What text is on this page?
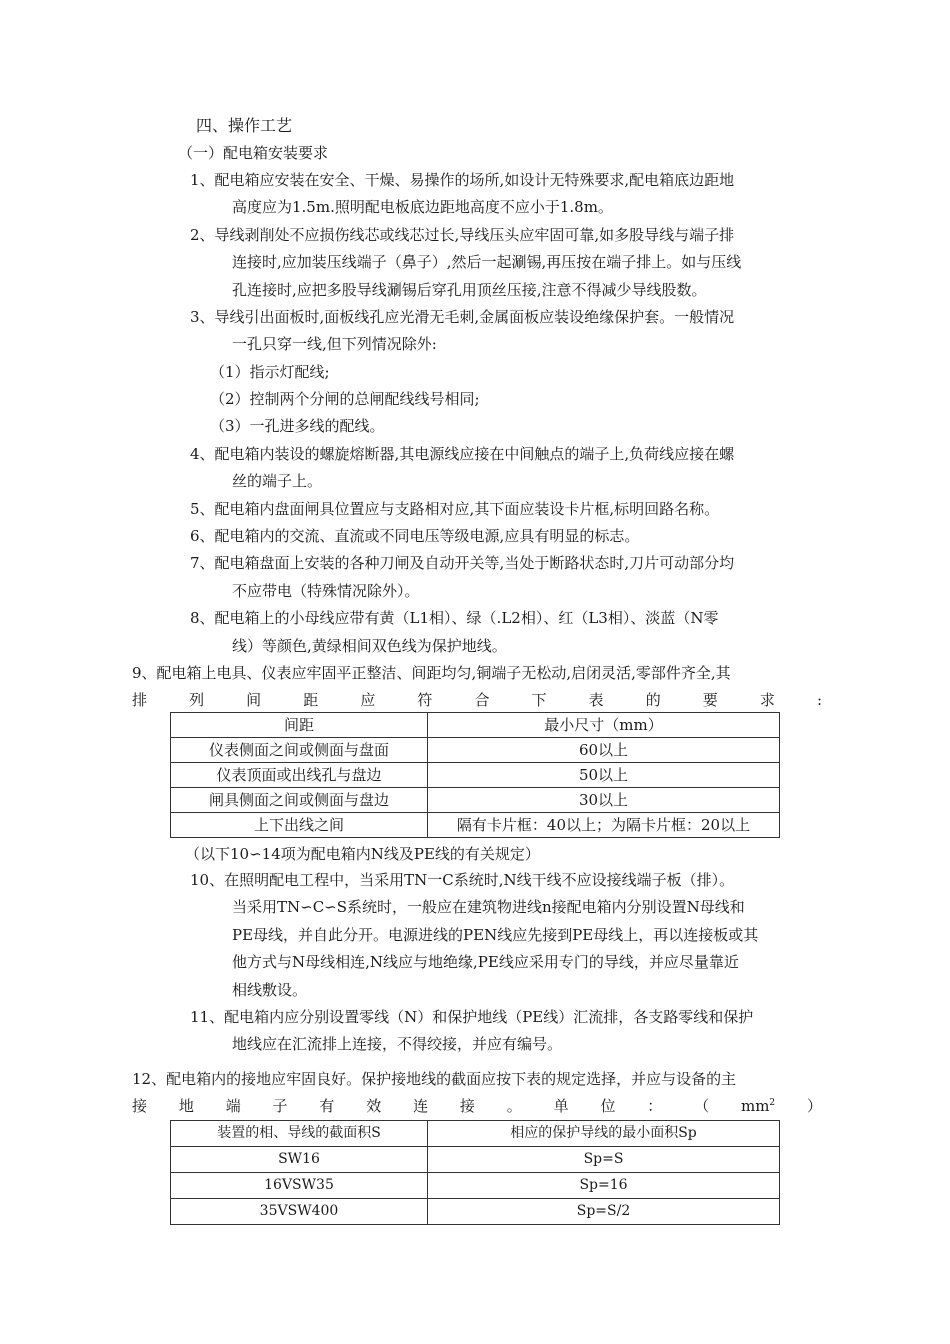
四、操作工艺
（一）配电箱安装要求
1、配电箱应安装在安全、干燥、易操作的场所,如设计无特殊要求,配电箱底边距地
高度应为1.5m.照明配电板底边距地高度不应小于1.8m。
2、导线剥削处不应损伤线芯或线芯过长,导线压头应牢固可靠,如多股导线与端子排
连接时,应加装压线端子（鼻子）,然后一起涮锡,再压按在端子排上。如与压线
孔连接时,应把多股导线涮锡后穿孔用顶丝压接,注意不得减少导线股数。
3、导线引出面板时,面板线孔应光滑无毛刺,金属面板应装设绝缘保护套。一般情况
一孔只穿一线,但下列情况除外:
（1）指示灯配线;
（2）控制两个分闸的总闸配线线号相同;
（3）一孔进多线的配线。
4、配电箱内装设的螺旋熔断器,其电源线应接在中间触点的端子上,负荷线应接在螺
丝的端子上。
5、配电箱内盘面闸具位置应与支路相对应,其下面应装设卡片框,标明回路名称。
6、配电箱内的交流、直流或不同电压等级电源,应具有明显的标志。
7、配电箱盘面上安装的各种刀闸及自动开关等,当处于断路状态时,刀片可动部分均
不应带电（特殊情况除外）。
8、配电箱上的小母线应带有黄（L1相）、绿（.L2相）、红（L3相）、淡蓝（N零
线）等颜色,黄绿相间双色线为保护地线。
9、配电箱上电具、仪表应牢固平正整洁、间距均匀,铜端子无松动,启闭灵活,零部件齐全,其
排	列	间	距	应	符	合	下	表	的	要	求	:
间距	最小尺寸（mm）
仪表侧面之间或侧面与盘面	60以上
仪表顶面或出线孔与盘边	50以上
闸具侧面之间或侧面与盘边	30以上
上下出线之间	隔有卡片框：40以上；为隔卡片框：20以上
（以下10∽14项为配电箱内N线及PE线的有关规定）
10、在照明配电工程中，当采用TN一C系统时,N线干线不应设接线端子板（排）。
当采用TN∽C∽S系统时，一般应在建筑物进线n接配电箱内分别设置N母线和
PE母线，并自此分开。电源进线的PEN线应先接到PE母线上，再以连接板或其
他方式与N母线相连,N线应与地绝缘,PE线应采用专门的导线，并应尽量靠近
相线敷设。
11、配电箱内应分别设置零线（N）和保护地线（PE线）汇流排，各支路零线和保护
地线应在汇流排上连接，不得绞接，并应有编号。
12、配电箱内的接地应牢固良好。保护接地线的截面应按下表的规定选择，并应与设备的主
接 地 端 子 有 效 连 接 。 单 位 ： （ $mm^2$ ）
装置的相、导线的截面积S	相应的保护导线的最小面积Sp
SW16	Sp=S
16VSW35	Sp=16
35VSW400	Sp=S/2
